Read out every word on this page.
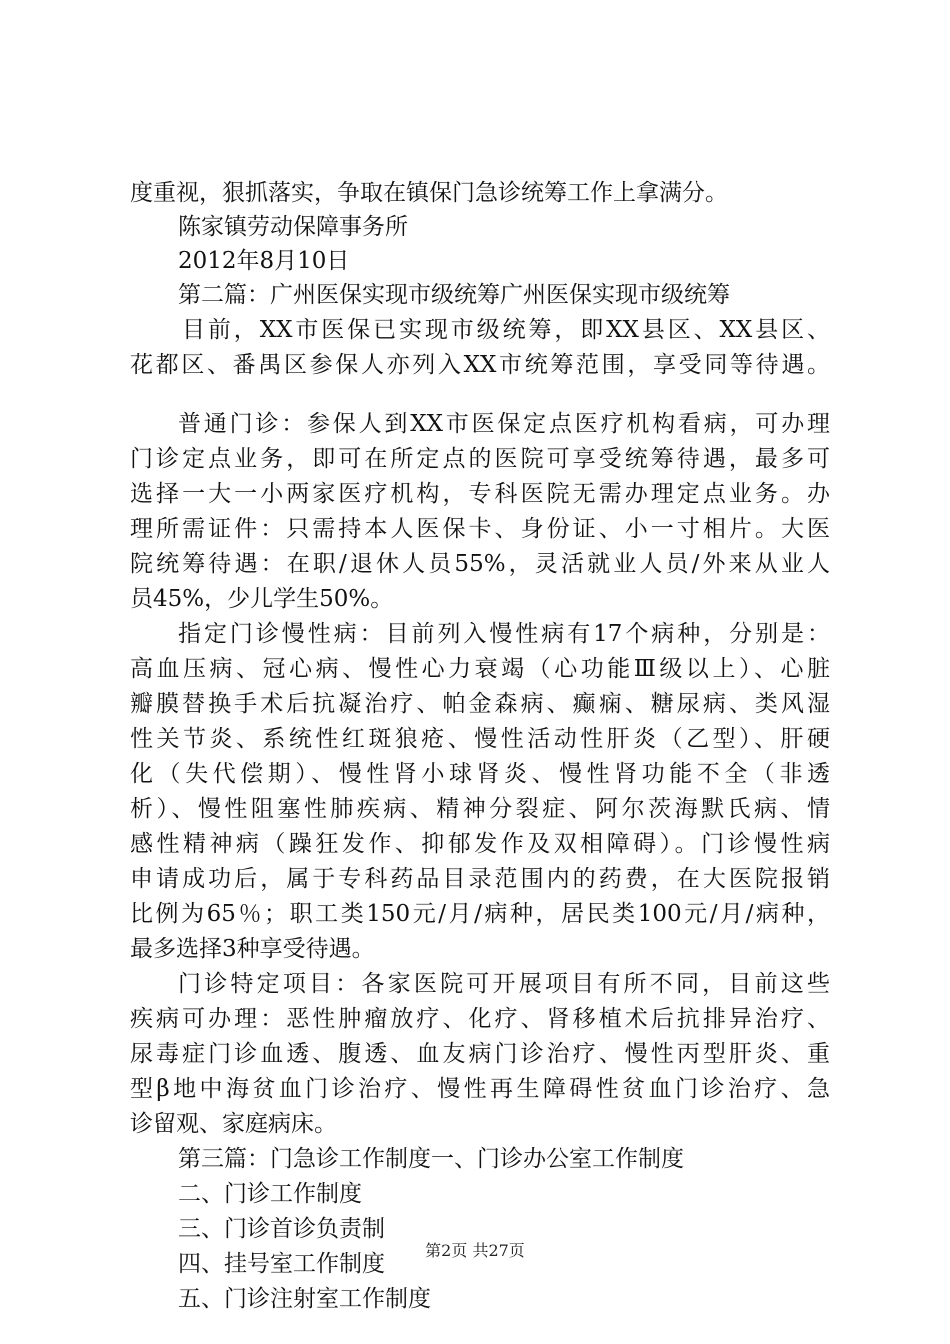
度重视，狠抓落实，争取在镇保门急诊统筹工作上拿满分。
陈家镇劳动保障事务所
2012年8月10日
第二篇：广州医保实现市级统筹广州医保实现市级统筹
目前，XX市医保已实现市级统筹，即XX县区、XX县区、
花都区、番禺区参保人亦列入XX市统筹范围，享受同等待遇。
普通门诊：参保人到XX市医保定点医疗机构看病，可办理
门诊定点业务，即可在所定点的医院可享受统筹待遇，最多可
选择一大一小两家医疗机构，专科医院无需办理定点业务。办
理所需证件：只需持本人医保卡、身份证、小一寸相片。大医
院统筹待遇：在职/退休人员55%，灵活就业人员/外来从业人
员45%，少儿学生50%。
指定门诊慢性病：目前列入慢性病有17个病种，分别是：
高血压病、冠心病、慢性心力衰竭（心功能Ⅲ级以上）、心脏
瓣膜替换手术后抗凝治疗、帕金森病、癫痫、糖尿病、类风湿
性关节炎、系统性红斑狼疮、慢性活动性肝炎（乙型）、肝硬
化（失代偿期）、慢性肾小球肾炎、慢性肾功能不全（非透
析）、慢性阻塞性肺疾病、精神分裂症、阿尔茨海默氏病、情
感性精神病（躁狂发作、抑郁发作及双相障碍）。门诊慢性病
申请成功后，属于专科药品目录范围内的药费，在大医院报销
比例为65％；职工类150元/月/病种，居民类100元/月/病种，
最多选择3种享受待遇。
门诊特定项目：各家医院可开展项目有所不同，目前这些
疾病可办理：恶性肿瘤放疗、化疗、肾移植术后抗排异治疗、
尿毒症门诊血透、腹透、血友病门诊治疗、慢性丙型肝炎、重
型β地中海贫血门诊治疗、慢性再生障碍性贫血门诊治疗、急
诊留观、家庭病床。
第三篇：门急诊工作制度一、门诊办公室工作制度
二、门诊工作制度
三、门诊首诊负责制
四、挂号室工作制度
五、门诊注射室工作制度
第2页 共27页
